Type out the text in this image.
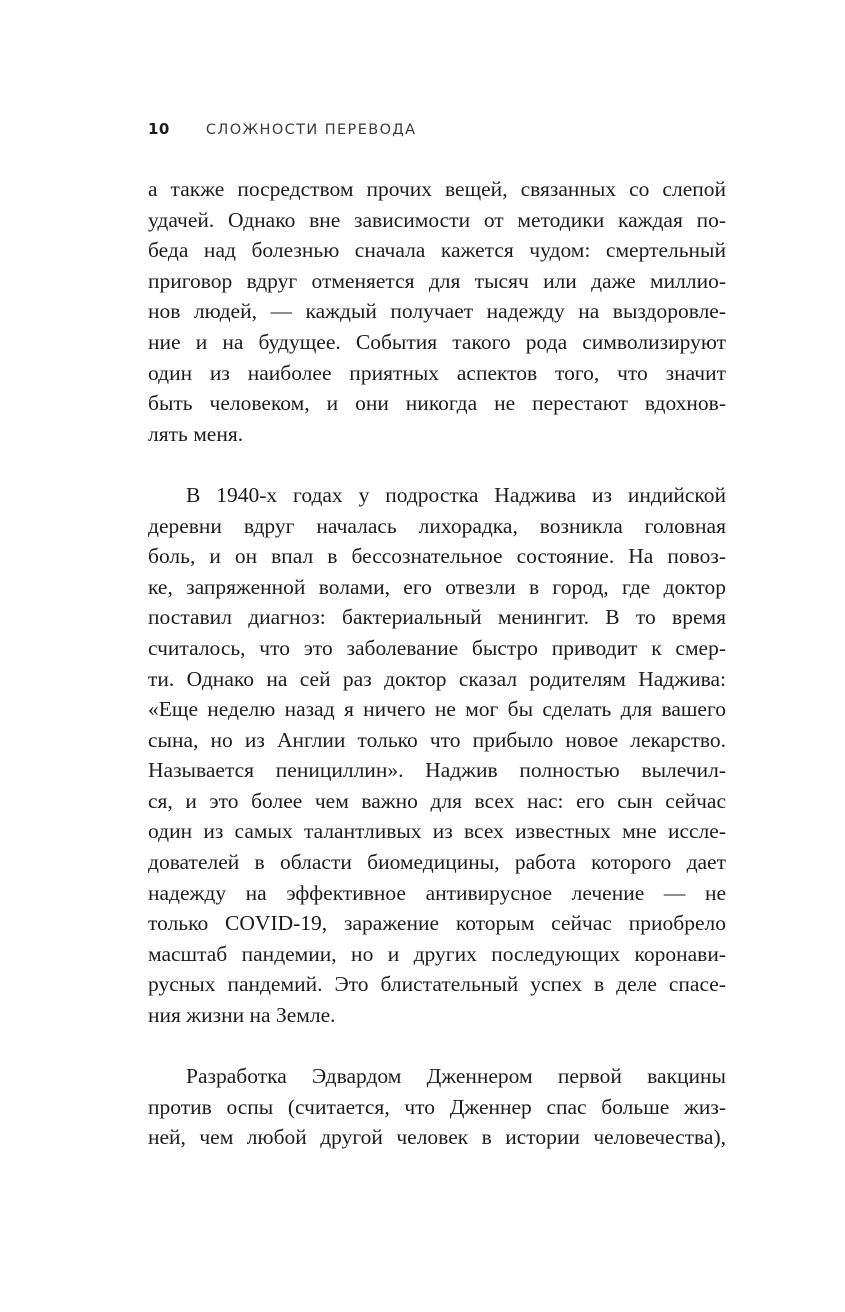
10 СЛОЖНОСТИ ПЕРЕВОДА
а также посредством прочих вещей, связанных со слепой
удачей. Однако вне зависимости от методики каждая по-
беда над болезнью сначала кажется чудом: смертельный
приговор вдруг отменяется для тысяч или даже миллио-
нов людей, — каждый получает надежду на выздоровле-
ние и на будущее. События такого рода символизируют
один из наиболее приятных аспектов того, что значит
быть человеком, и они никогда не перестают вдохнов-
лять меня.
В 1940-х годах у подростка Наджива из индийской
деревни вдруг началась лихорадка, возникла головная
боль, и он впал в бессознательное состояние. На повоз-
ке, запряженной волами, его отвезли в город, где доктор
поставил диагноз: бактериальный менингит. В то время
считалось, что это заболевание быстро приводит к смер-
ти. Однако на сей раз доктор сказал родителям Наджива:
«Еще неделю назад я ничего не мог бы сделать для вашего
сына, но из Англии только что прибыло новое лекарство.
Называется пенициллин». Наджив полностью вылечил-
ся, и это более чем важно для всех нас: его сын сейчас
один из самых талантливых из всех известных мне иссле-
дователей в области биомедицины, работа которого дает
надежду на эффективное антивирусное лечение — не
только COVID-19, заражение которым сейчас приобрело
масштаб пандемии, но и других последующих коронави-
русных пандемий. Это блистательный успех в деле спасе-
ния жизни на Земле.
Разработка Эдвардом Дженнером первой вакцины
против оспы (считается, что Дженнер спас больше жиз-
ней, чем любой другой человек в истории человечества),
